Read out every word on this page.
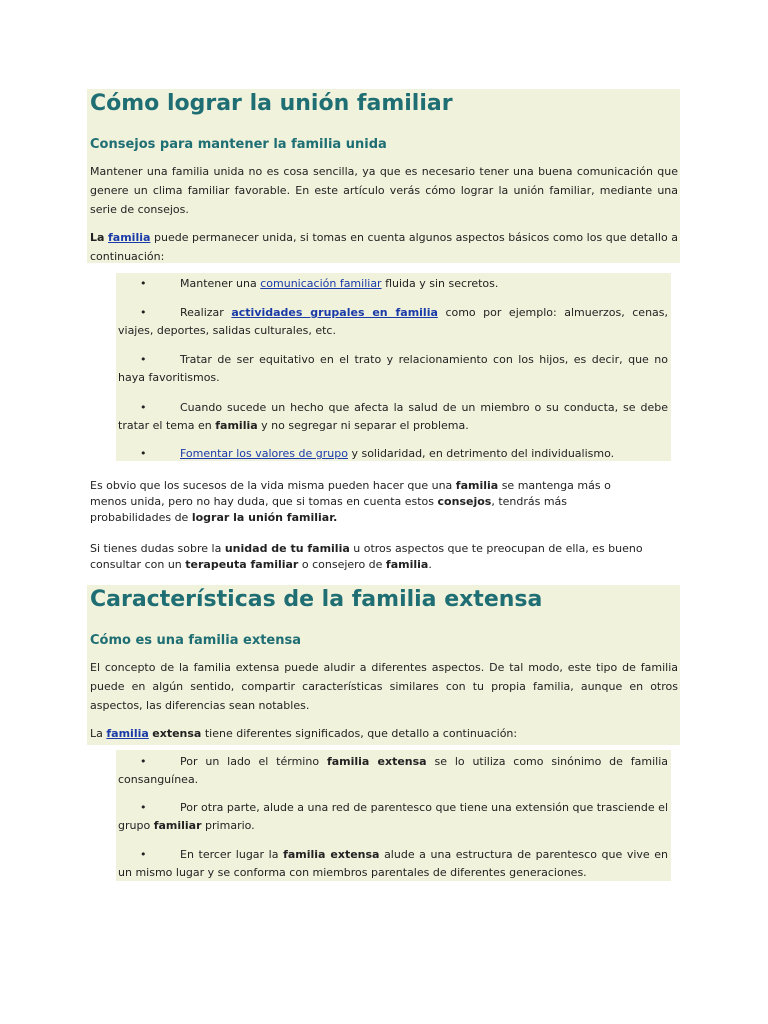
Cómo lograr la unión familiar
Consejos para mantener la familia unida

Mantener una familia unida no es cosa sencilla, ya que es necesario tener una buena comunicación que genere un clima familiar favorable. En este artículo verás cómo lograr la unión familiar, mediante una serie de consejos.

La familia puede permanecer unida, si tomas en cuenta algunos aspectos básicos como los que detallo a continuación:

•	Mantener una comunicación familiar fluida y sin secretos.
•	Realizar actividades grupales en familia como por ejemplo: almuerzos, cenas, viajes, deportes, salidas culturales, etc.
•	Tratar de ser equitativo en el trato y relacionamiento con los hijos, es decir, que no haya favoritismos.
•	Cuando sucede un hecho que afecta la salud de un miembro o su conducta, se debe tratar el tema en familia y no segregar ni separar el problema.
•	Fomentar los valores de grupo y solidaridad, en detrimento del individualismo.

Es obvio que los sucesos de la vida misma pueden hacer que una familia se mantenga más o menos unida, pero no hay duda, que si tomas en cuenta estos consejos, tendrás más probabilidades de lograr la unión familiar.

Si tienes dudas sobre la unidad de tu familia u otros aspectos que te preocupan de ella, es bueno consultar con un terapeuta familiar o consejero de familia.

Características de la familia extensa
Cómo es una familia extensa

El concepto de la familia extensa puede aludir a diferentes aspectos. De tal modo, este tipo de familia puede en algún sentido, compartir características similares con tu propia familia, aunque en otros aspectos, las diferencias sean notables.

La familia extensa tiene diferentes significados, que detallo a continuación:

•	Por un lado el término familia extensa se lo utiliza como sinónimo de familia consanguínea.
•	Por otra parte, alude a una red de parentesco que tiene una extensión que trasciende el grupo familiar primario.
•	En tercer lugar la familia extensa alude a una estructura de parentesco que vive en un mismo lugar y se conforma con miembros parentales de diferentes generaciones.
